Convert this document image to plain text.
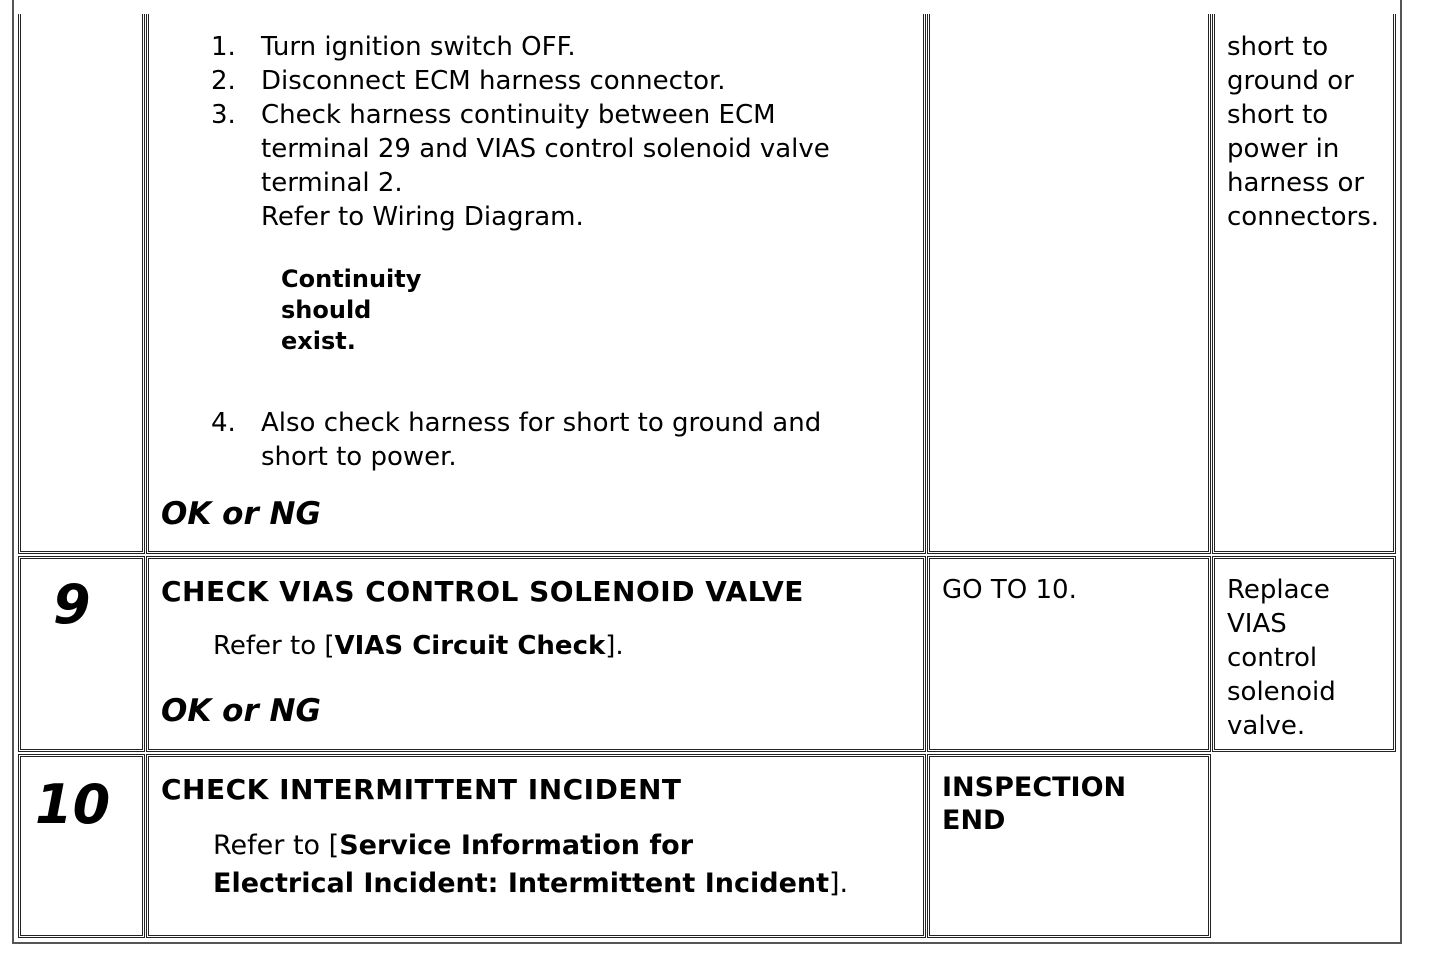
1. Turn ignition switch OFF.
2. Disconnect ECM harness connector.
3. Check harness continuity between ECM
terminal 29 and VIAS control solenoid valve
terminal 2.
Refer to Wiring Diagram.
Continuity
should
exist.
4. Also check harness for short to ground and
short to power.
OK or NG
short to
ground or
short to
power in
harness or
connectors.
9	CHECK VIAS CONTROL SOLENOID VALVE
Refer to [VIAS Circuit Check].
OK or NG
GO TO 10.	Replace
VIAS
control
solenoid
valve.
10 CHECK INTERMITTENT INCIDENT
Refer to [Service Information for
Electrical Incident: Intermittent Incident].
INSPECTION
END
